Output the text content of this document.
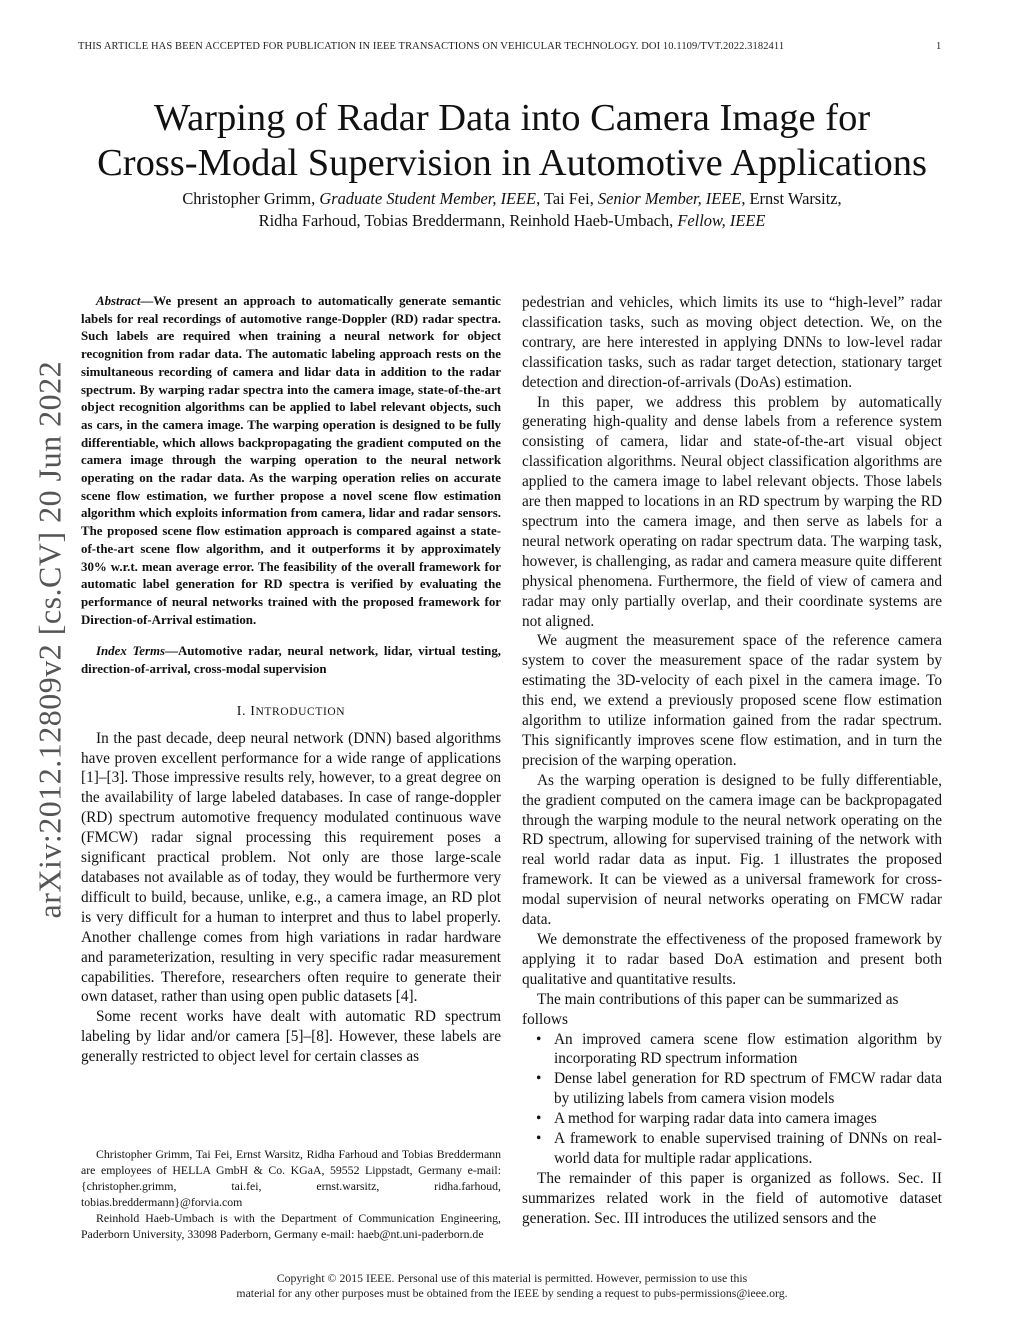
THIS ARTICLE HAS BEEN ACCEPTED FOR PUBLICATION IN IEEE TRANSACTIONS ON VEHICULAR TECHNOLOGY. DOI 10.1109/TVT.2022.3182411	1
Warping of Radar Data into Camera Image for
Cross-Modal Supervision in Automotive Applications
Christopher Grimm, Graduate Student Member, IEEE, Tai Fei, Senior Member, IEEE, Ernst Warsitz,
Ridha Farhoud, Tobias Breddermann, Reinhold Haeb-Umbach, Fellow, IEEE
arXiv:2012.12809v2 [cs.CV] 20 Jun 2022

Abstract—We present an approach to automatically generate semantic labels for real recordings of automotive range-Doppler (RD) radar spectra. Such labels are required when training a neural network for object recognition from radar data. The automatic labeling approach rests on the simultaneous recording of camera and lidar data in addition to the radar spectrum. By warping radar spectra into the camera image, state-of-the-art object recognition algorithms can be applied to label relevant objects, such as cars, in the camera image. The warping operation is designed to be fully differentiable, which allows backpropagating the gradient computed on the camera image through the warping operation to the neural network operating on the radar data. As the warping operation relies on accurate scene flow estimation, we further propose a novel scene flow estimation algorithm which exploits information from camera, lidar and radar sensors. The proposed scene flow estimation approach is compared against a state-of-the-art scene flow algorithm, and it outperforms it by approximately 30% w.r.t. mean average error. The feasibility of the overall framework for automatic label generation for RD spectra is verified by evaluating the performance of neural networks trained with the proposed framework for Direction-of-Arrival estimation.

Index Terms—Automotive radar, neural network, lidar, virtual testing, direction-of-arrival, cross-modal supervision

I. INTRODUCTION

In the past decade, deep neural network (DNN) based algorithms have proven excellent performance for a wide range of applications [1]–[3]. Those impressive results rely, however, to a great degree on the availability of large labeled databases. In case of range-doppler (RD) spectrum automotive frequency modulated continuous wave (FMCW) radar signal processing this requirement poses a significant practical problem. Not only are those large-scale databases not available as of today, they would be furthermore very difficult to build, because, unlike, e.g., a camera image, an RD plot is very difficult for a human to interpret and thus to label properly. Another challenge comes from high variations in radar hardware and parameterization, resulting in very specific radar measurement capabilities. Therefore, researchers often require to generate their own dataset, rather than using open public datasets [4].

Some recent works have dealt with automatic RD spectrum labeling by lidar and/or camera [5]–[8]. However, these labels are generally restricted to object level for certain classes as

Christopher Grimm, Tai Fei, Ernst Warsitz, Ridha Farhoud and Tobias Breddermann are employees of HELLA GmbH & Co. KGaA, 59552 Lippstadt, Germany e-mail: {christopher.grimm, tai.fei, ernst.warsitz, ridha.farhoud, tobias.breddermann}@forvia.com

Reinhold Haeb-Umbach is with the Department of Communication Engineering, Paderborn University, 33098 Paderborn, Germany e-mail: haeb@nt.uni-paderborn.de

pedestrian and vehicles, which limits its use to “high-level” radar classification tasks, such as moving object detection. We, on the contrary, are here interested in applying DNNs to low-level radar classification tasks, such as radar target detection, stationary target detection and direction-of-arrivals (DoAs) estimation.

In this paper, we address this problem by automatically generating high-quality and dense labels from a reference system consisting of camera, lidar and state-of-the-art visual object classification algorithms. Neural object classification algorithms are applied to the camera image to label relevant objects. Those labels are then mapped to locations in an RD spectrum by warping the RD spectrum into the camera image, and then serve as labels for a neural network operating on radar spectrum data. The warping task, however, is challenging, as radar and camera measure quite different physical phenomena. Furthermore, the field of view of camera and radar may only partially overlap, and their coordinate systems are not aligned.

We augment the measurement space of the reference camera system to cover the measurement space of the radar system by estimating the 3D-velocity of each pixel in the camera image. To this end, we extend a previously proposed scene flow estimation algorithm to utilize information gained from the radar spectrum. This significantly improves scene flow estimation, and in turn the precision of the warping operation.

As the warping operation is designed to be fully differentiable, the gradient computed on the camera image can be backpropagated through the warping module to the neural network operating on the RD spectrum, allowing for supervised training of the network with real world radar data as input. Fig. 1 illustrates the proposed framework. It can be viewed as a universal framework for cross-modal supervision of neural networks operating on FMCW radar data.

We demonstrate the effectiveness of the proposed framework by applying it to radar based DoA estimation and present both qualitative and quantitative results.

The main contributions of this paper can be summarized as follows

• An improved camera scene flow estimation algorithm by incorporating RD spectrum information
• Dense label generation for RD spectrum of FMCW radar data by utilizing labels from camera vision models
• A method for warping radar data into camera images
• A framework to enable supervised training of DNNs on real-world data for multiple radar applications.

The remainder of this paper is organized as follows. Sec. II summarizes related work in the field of automotive dataset generation. Sec. III introduces the utilized sensors and the

Copyright © 2015 IEEE. Personal use of this material is permitted. However, permission to use this
material for any other purposes must be obtained from the IEEE by sending a request to pubs-permissions@ieee.org.
